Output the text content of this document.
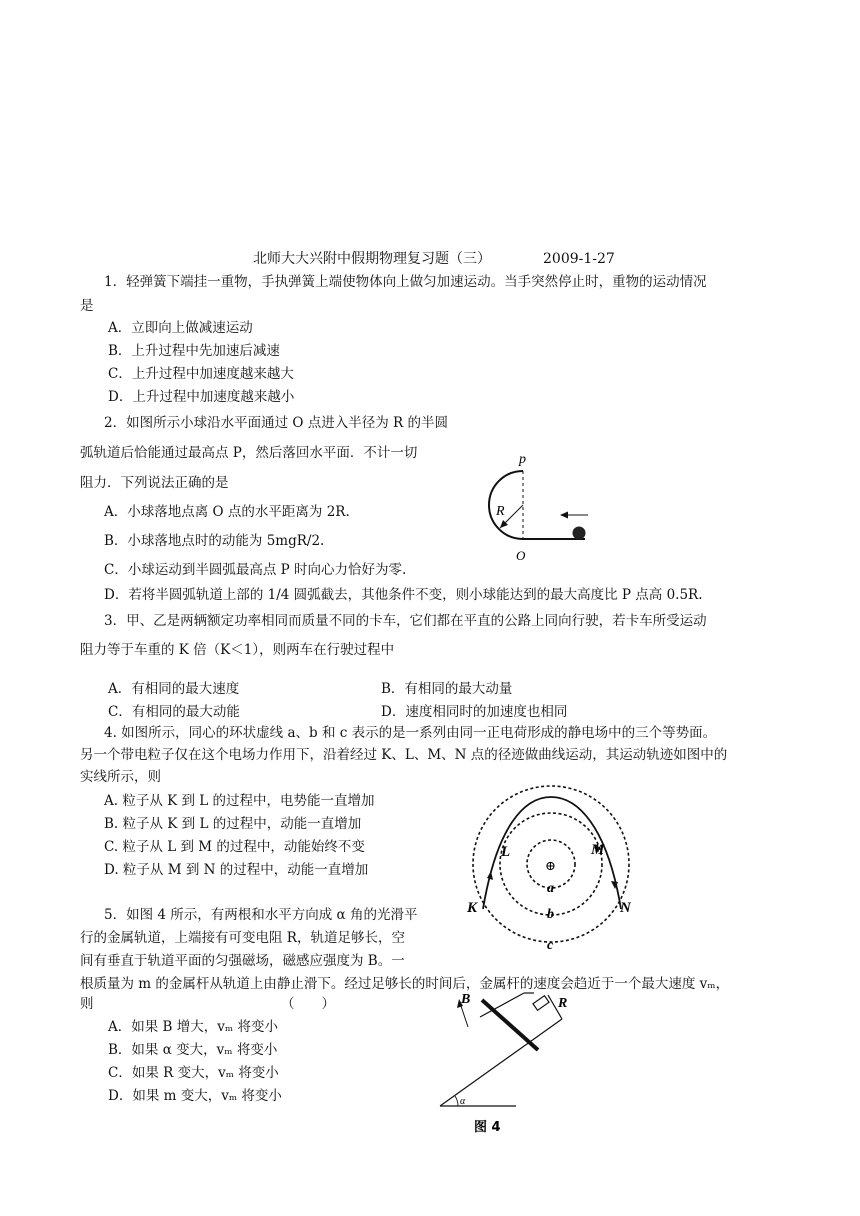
北师大大兴附中假期物理复习题（三）	2009-1-27
1．轻弹簧下端挂一重物，手执弹簧上端使物体向上做匀加速运动。当手突然停止时，重物的运动情况
是
A．立即向上做减速运动
B．上升过程中先加速后减速
C．上升过程中加速度越来越大
D．上升过程中加速度越来越小
2．如图所示小球沿水平面通过 O 点进入半径为 R 的半圆
弧轨道后恰能通过最高点 P，然后落回水平面．不计一切
阻力．下列说法正确的是
A．小球落地点离 O 点的水平距离为 2R.
B．小球落地点时的动能为 5mgR/2.
C．小球运动到半圆弧最高点 P 时向心力恰好为零.
D．若将半圆弧轨道上部的 1/4 圆弧截去，其他条件不变，则小球能达到的最大高度比 P 点高 0.5R.
p
R
O
3．甲、乙是两辆额定功率相同而质量不同的卡车，它们都在平直的公路上同向行驶，若卡车所受运动
阻力等于车重的 K 倍（K＜1），则两车在行驶过程中
A．有相同的最大速度	B．有相同的最大动量
C．有相同的最大动能	D．速度相同时的加速度也相同
4. 如图所示，同心的环状虚线 a、b 和 c 表示的是一系列由同一正电荷形成的静电场中的三个等势面。
另一个带电粒子仅在这个电场力作用下，沿着经过 K、L、M、N 点的径迹做曲线运动，其运动轨迹如图中的
实线所示，则
A. 粒子从 K 到 L 的过程中，电势能一直增加
B. 粒子从 K 到 L 的过程中，动能一直增加
C. 粒子从 L 到 M 的过程中，动能始终不变
D. 粒子从 M 到 N 的过程中，动能一直增加	⊕
K
L	M
N
a
b
c
5．如图 4 所示，有两根和水平方向成 α 角的光滑平
行的金属轨道，上端接有可变电阻 R，轨道足够长，空
间有垂直于轨道平面的匀强磁场，磁感应强度为 B。一
根质量为 m 的金属杆从轨道上由静止滑下。经过足够长的时间后，金属杆的速度会趋近于一个最大速度 vₘ，
则	（　　）
A．如果 B 增大，vₘ 将变小
B．如果 α 变大，vₘ 将变小
C．如果 R 变大，vₘ 将变小
D．如果 m 变大，vₘ 将变小
B	R
α
图 4
